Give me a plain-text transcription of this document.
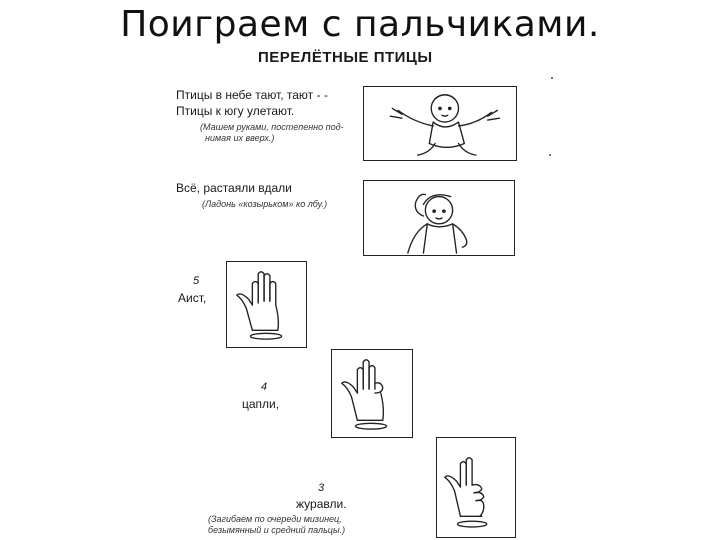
Поиграем с пальчиками.
ПЕРЕЛЁТНЫЕ ПТИЦЫ
Птицы в небе тают, тают - -
Птицы к югу улетают.
(Машем руками, постепенно под-
нимая их вверх.)
Всё, растаяли вдали
(Ладонь «козырьком» ко лбу.)
5
Аист,
4
цапли,
3
журавли.
(Загибаем по очереди мизинец,
безымянный и средний пальцы.)
